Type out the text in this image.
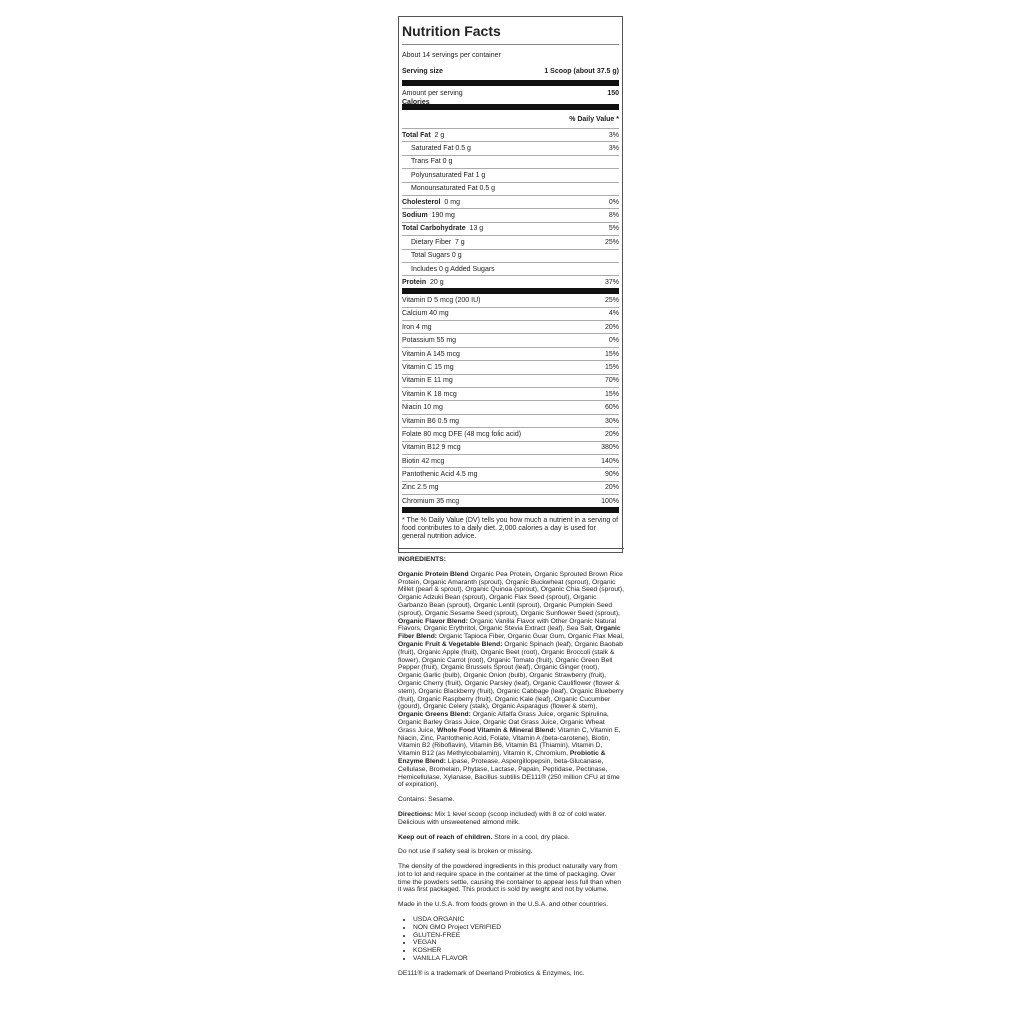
Nutrition Facts
About 14 servings per container
Serving size	1 Scoop (about 37.5 g)
Amount per serving	150
Calories
% Daily Value *
Total Fat 2 g	3%
Saturated Fat 0.5 g	3%
Trans Fat 0 g
Polyunsaturated Fat 1 g
Monounsaturated Fat 0.5 g
Cholesterol 0 mg	0%
Sodium 190 mg	8%
Total Carbohydrate 13 g	5%
Dietary Fiber 7 g	25%
Total Sugars 0 g
Includes 0 g Added Sugars
Protein 20 g	37%
Vitamin D 5 mcg (200 IU)	25%
Calcium 40 mg	4%
Iron 4 mg	20%
Potassium 55 mg	0%
Vitamin A 145 mcg	15%
Vitamin C 15 mg	15%
Vitamin E 11 mg	70%
Vitamin K 18 mcg	15%
Niacin 10 mg	60%
Vitamin B6 0.5 mg	30%
Folate 80 mcg DFE (48 mcg folic acid)	20%
Vitamin B12 9 mcg	380%
Biotin 42 mcg	140%
Pantothenic Acid 4.5 mg	90%
Zinc 2.5 mg	20%
Chromium 35 mcg	100%
* The % Daily Value (DV) tells you how much a nutrient in a serving of food contributes to a daily diet. 2,000 calories a day is used for general nutrition advice.

INGREDIENTS:

Organic Protein Blend Organic Pea Protein, Organic Sprouted Brown Rice Protein, Organic Amaranth (sprout), Organic Buckwheat (sprout), Organic Millet (pearl & sprout), Organic Quinoa (sprout), Organic Chia Seed (sprout), Organic Adzuki Bean (sprout), Organic Flax Seed (sprout), Organic Garbanzo Bean (sprout), Organic Lentil (sprout), Organic Pumpkin Seed (sprout), Organic Sesame Seed (sprout), Organic Sunflower Seed (sprout), Organic Flavor Blend: Organic Vanilla Flavor with Other Organic Natural Flavors, Organic Erythritol, Organic Stevia Extract (leaf), Sea Salt, Organic Fiber Blend: Organic Tapioca Fiber, Organic Guar Gum, Organic Flax Meal, Organic Fruit & Vegetable Blend: Organic Spinach (leaf), Organic Baobab (fruit), Organic Apple (fruit), Organic Beet (root), Organic Broccoli (stalk & flower), Organic Carrot (root), Organic Tomato (fruit), Organic Green Bell Pepper (fruit), Organic Brussels Sprout (leaf), Organic Ginger (root), Organic Garlic (bulb), Organic Onion (bulb), Organic Strawberry (fruit), Organic Cherry (fruit), Organic Parsley (leaf), Organic Cauliflower (flower & stem), Organic Blackberry (fruit), Organic Cabbage (leaf), Organic Blueberry (fruit), Organic Raspberry (fruit), Organic Kale (leaf), Organic Cucumber (gourd), Organic Celery (stalk), Organic Asparagus (flower & stem), Organic Greens Blend: Organic Alfalfa Grass Juice, organic Spirulina, Organic Barley Grass Juice, Organic Oat Grass Juice, Organic Wheat Grass Juice, Whole Food Vitamin & Mineral Blend: Vitamin C, Vitamin E, Niacin, Zinc, Pantothenic Acid, Folate, Vitamin A (beta-carotene), Biotin, Vitamin B2 (Riboflavin), Vitamin B6, Vitamin B1 (Thiamin), Vitamin D, Vitamin B12 (as Methylcobalamin), Vitamin K, Chromium, Probiotic & Enzyme Blend: Lipase, Protease, Aspergillopepsin, beta-Glucanase, Cellulase, Bromelain, Phytase, Lactase, Papain, Peptidase, Pectinase, Hemicellulase, Xylanase, Bacillus subtilis DE111® (250 million CFU at time of expiration).

Contains: Sesame.

Directions: Mix 1 level scoop (scoop included) with 8 oz of cold water. Delicious with unsweetened almond milk.

Keep out of reach of children. Store in a cool, dry place.

Do not use if safety seal is broken or missing.

The density of the powdered ingredients in this product naturally vary from lot to lot and require space in the container at the time of packaging. Over time the powders settle, causing the container to appear less full than when it was first packaged. This product is sold by weight and not by volume.

Made in the U.S.A. from foods grown in the U.S.A. and other countries.

• USDA ORGANIC
• NON GMO Project VERIFIED
• GLUTEN-FREE
• VEGAN
• KOSHER
• VANILLA FLAVOR

DE111® is a trademark of Deerland Probiotics & Enzymes, Inc.
